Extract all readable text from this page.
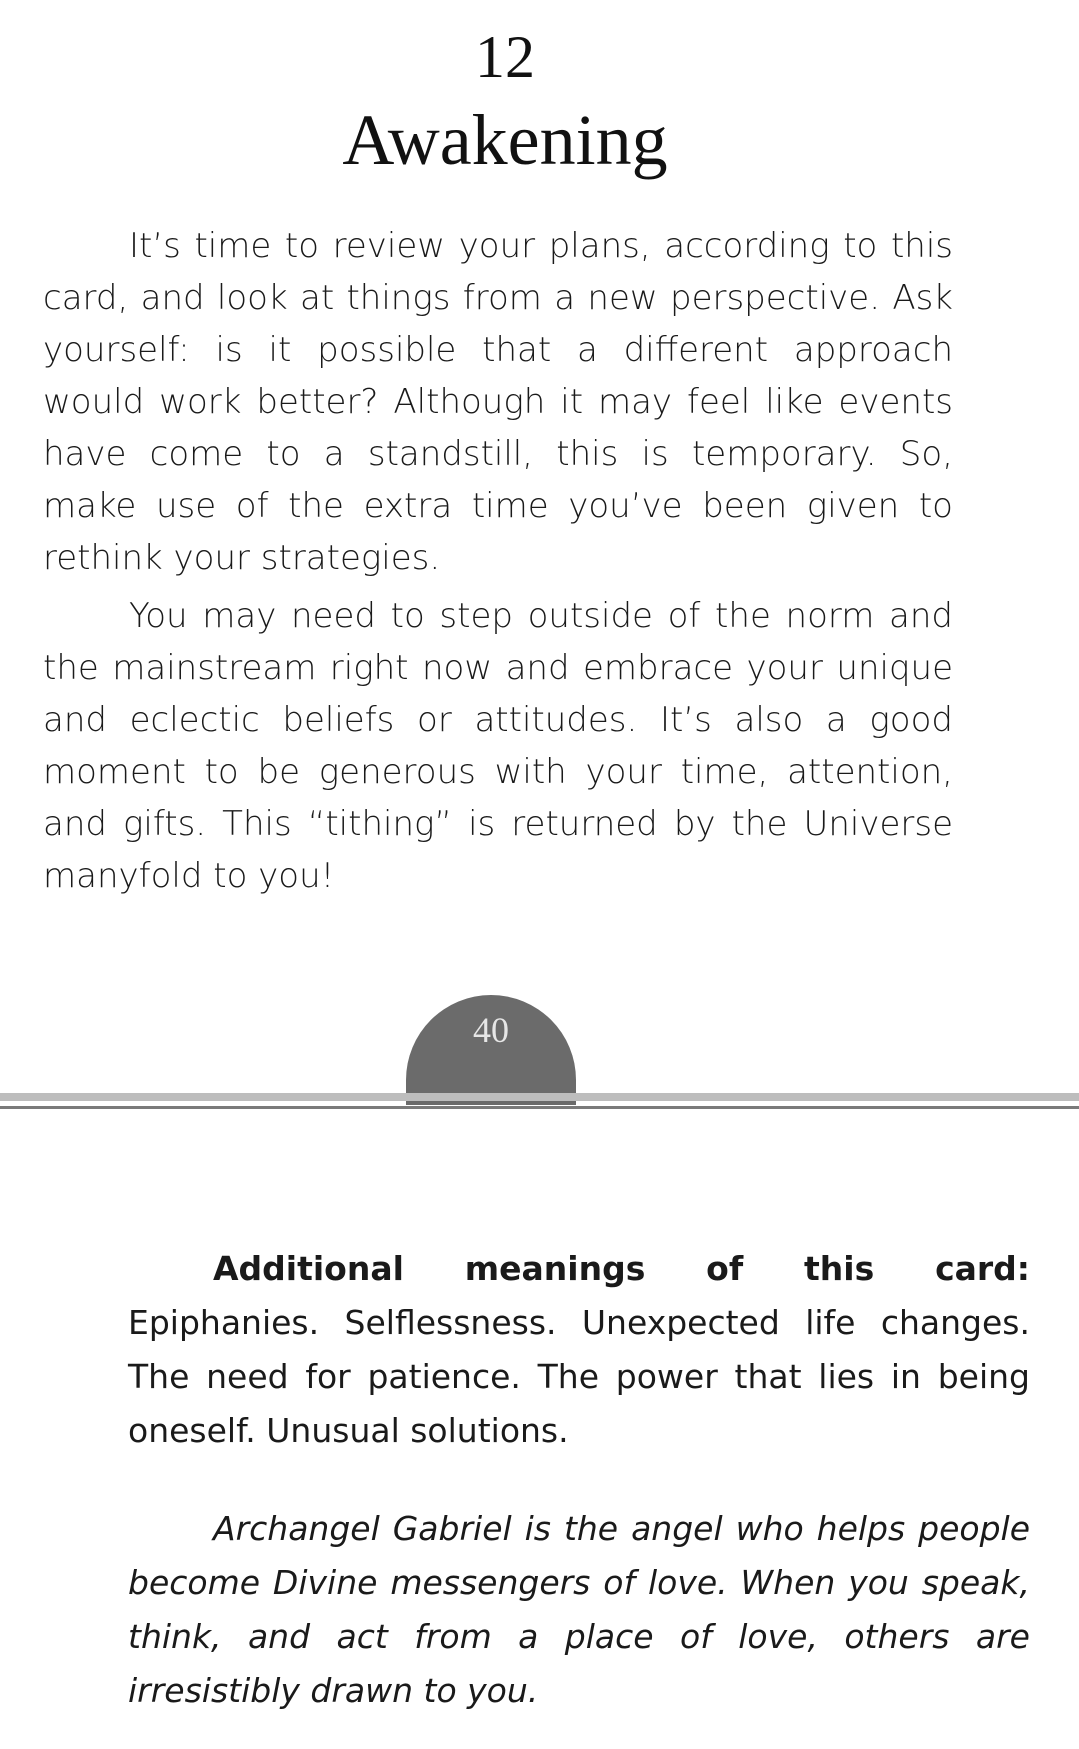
12
Awakening

It’s time to review your plans, according to this card, and look at things from a new perspective. Ask yourself: is it possible that a different approach would work better? Although it may feel like events have come to a standstill, this is temporary. So, make use of the extra time you’ve been given to rethink your strategies.

You may need to step outside of the norm and the mainstream right now and embrace your unique and eclectic beliefs or attitudes. It’s also a good moment to be generous with your time, attention, and gifts. This “tithing” is returned by the Universe manyfold to you!

40

Additional meanings of this card: Epiphanies. Selflessness. Unexpected life changes. The need for patience. The power that lies in being oneself. Unusual solutions.

Archangel Gabriel is the angel who helps people become Divine messengers of love. When you speak, think, and act from a place of love, others are irresistibly drawn to you.
